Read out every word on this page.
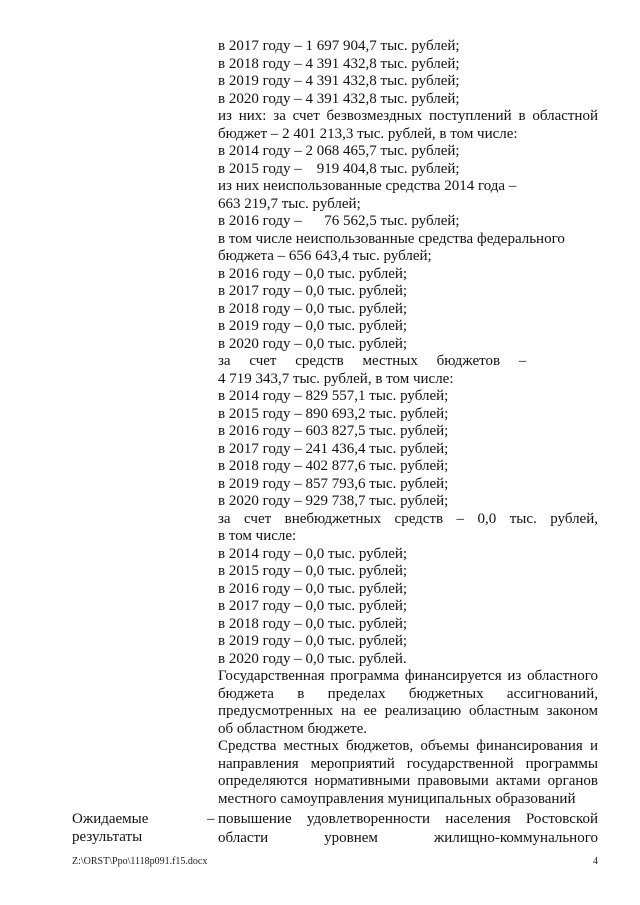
в 2017 году – 1 697 904,7 тыс. рублей;
в 2018 году – 4 391 432,8 тыс. рублей;
в 2019 году – 4 391 432,8 тыс. рублей;
в 2020 году – 4 391 432,8 тыс. рублей;
из них: за счет безвозмездных поступлений в областной
бюджет – 2 401 213,3 тыс. рублей, в том числе:
в 2014 году – 2 068 465,7 тыс. рублей;
в 2015 году –    919 404,8 тыс. рублей;
из них неиспользованные средства 2014 года –
663 219,7 тыс. рублей;
в 2016 году –      76 562,5 тыс. рублей;
в том числе неиспользованные средства федерального
бюджета – 656 643,4 тыс. рублей;
в 2016 году – 0,0 тыс. рублей;
в 2017 году – 0,0 тыс. рублей;
в 2018 году – 0,0 тыс. рублей;
в 2019 году – 0,0 тыс. рублей;
в 2020 году – 0,0 тыс. рублей;
за     счет     средств     местных     бюджетов     –
4 719 343,7 тыс. рублей, в том числе:
в 2014 году – 829 557,1 тыс. рублей;
в 2015 году – 890 693,2 тыс. рублей;
в 2016 году – 603 827,5 тыс. рублей;
в 2017 году – 241 436,4 тыс. рублей;
в 2018 году – 402 877,6 тыс. рублей;
в 2019 году – 857 793,6 тыс. рублей;
в 2020 году – 929 738,7 тыс. рублей;
за счет внебюджетных средств – 0,0 тыс. рублей,
в том числе:
в 2014 году – 0,0 тыс. рублей;
в 2015 году – 0,0 тыс. рублей;
в 2016 году – 0,0 тыс. рублей;
в 2017 году – 0,0 тыс. рублей;
в 2018 году – 0,0 тыс. рублей;
в 2019 году – 0,0 тыс. рублей;
в 2020 году – 0,0 тыс. рублей.
Государственная программа финансируется из областного
бюджета в пределах бюджетных ассигнований,
предусмотренных на ее реализацию областным законом
об областном бюджете.
Средства местных бюджетов, объемы финансирования и
направления мероприятий государственной программы
определяются нормативными правовыми актами органов
местного самоуправления муниципальных образований
Ожидаемые
результаты
– повышение удовлетворенности населения Ростовской
области уровнем жилищно-коммунального
Z:\ORST\Ppo\1118p091.f15.docx	4
